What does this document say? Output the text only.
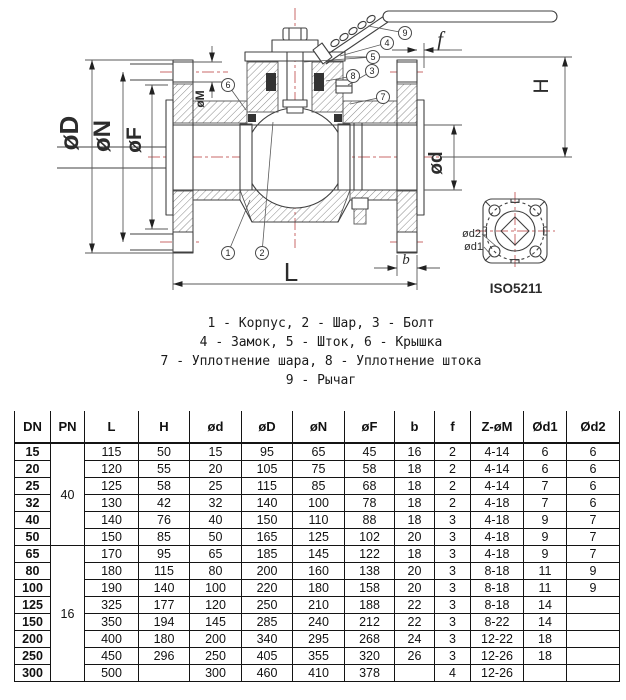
øD øN øF
øM
ød
H
f
b
L
1	2
3
4
5
6
7
8
9
ød2
ød1
ISO5211
1 - Корпус, 2 - Шар, 3 - Болт
4 - Замок, 5 - Шток, 6 - Крышка
7 - Уплотнение шара, 8 - Уплотнение штока
9 - Рычаг
DN	PN	L	H	ød	øD	øN	øF	b	f	Z-øM	Ød1	Ød2
15	40	115	50	15	95	65	45	16	2	4-14	6	6
20		120	55	20	105	75	58	18	2	4-14	6	6
25		125	58	25	115	85	68	18	2	4-14	7	6
32		130	42	32	140	100	78	18	2	4-18	7	6
40		140	76	40	150	110	88	18	3	4-18	9	7
50		150	85	50	165	125	102	20	3	4-18	9	7
65	16	170	95	65	185	145	122	18	3	4-18	9	7
80		180	115	80	200	160	138	20	3	8-18	11	9
100		190	140	100	220	180	158	20	3	8-18	11	9
125		325	177	120	250	210	188	22	3	8-18	14	
150		350	194	145	285	240	212	22	3	8-22	14	
200		400	180	200	340	295	268	24	3	12-22	18	
250		450	296	250	405	355	320	26	3	12-26	18	
300		500		300	460	410	378		4	12-26		
